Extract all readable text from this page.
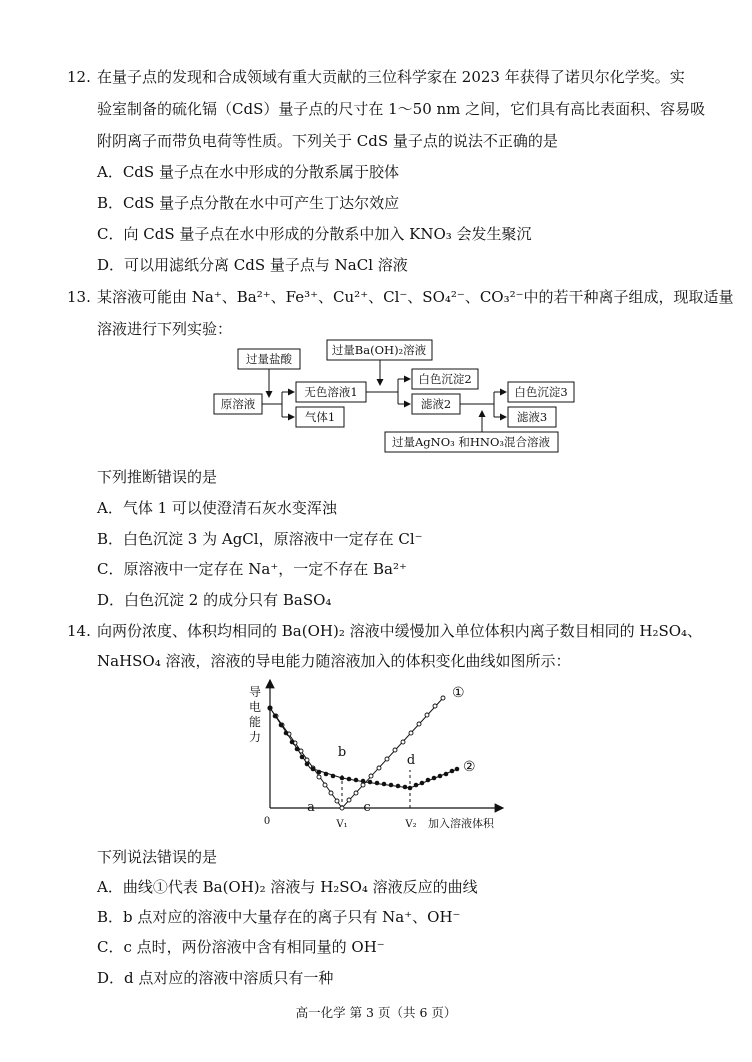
12. 在量子点的发现和合成领域有重大贡献的三位科学家在 2023 年获得了诺贝尔化学奖。实
验室制备的硫化镉（CdS）量子点的尺寸在 1～50 nm 之间，它们具有高比表面积、容易吸
附阴离子而带负电荷等性质。下列关于 CdS 量子点的说法不正确的是
A．CdS 量子点在水中形成的分散系属于胶体
B．CdS 量子点分散在水中可产生丁达尔效应
C．向 CdS 量子点在水中形成的分散系中加入 KNO₃ 会发生聚沉
D．可以用滤纸分离 CdS 量子点与 NaCl 溶液
13. 某溶液可能由 Na⁺、Ba²⁺、Fe³⁺、Cu²⁺、Cl⁻、SO₄²⁻、CO₃²⁻中的若干种离子组成，现取适量
溶液进行下列实验：
过量盐酸
过量Ba(OH)₂溶液
过量AgNO₃ 和HNO₃混合溶液
原溶液
无色溶液1
气体1
白色沉淀2
滤液2
白色沉淀3
滤液3
下列推断错误的是
A．气体 1 可以使澄清石灰水变浑浊
B．白色沉淀 3 为 AgCl，原溶液中一定存在 Cl⁻
C．原溶液中一定存在 Na⁺，一定不存在 Ba²⁺
D．白色沉淀 2 的成分只有 BaSO₄
14. 向两份浓度、体积均相同的 Ba(OH)₂ 溶液中缓慢加入单位体积内离子数目相同的 H₂SO₄、
NaHSO₄ 溶液，溶液的导电能力随溶液加入的体积变化曲线如图所示：
导
电
能
力
0	V₁	V₂ 加入溶液体积
①
②
a
b
c
d
下列说法错误的是
A．曲线①代表 Ba(OH)₂ 溶液与 H₂SO₄ 溶液反应的曲线
B．b 点对应的溶液中大量存在的离子只有 Na⁺、OH⁻
C．c 点时，两份溶液中含有相同量的 OH⁻
D．d 点对应的溶液中溶质只有一种
高一化学 第 3 页（共 6 页）
